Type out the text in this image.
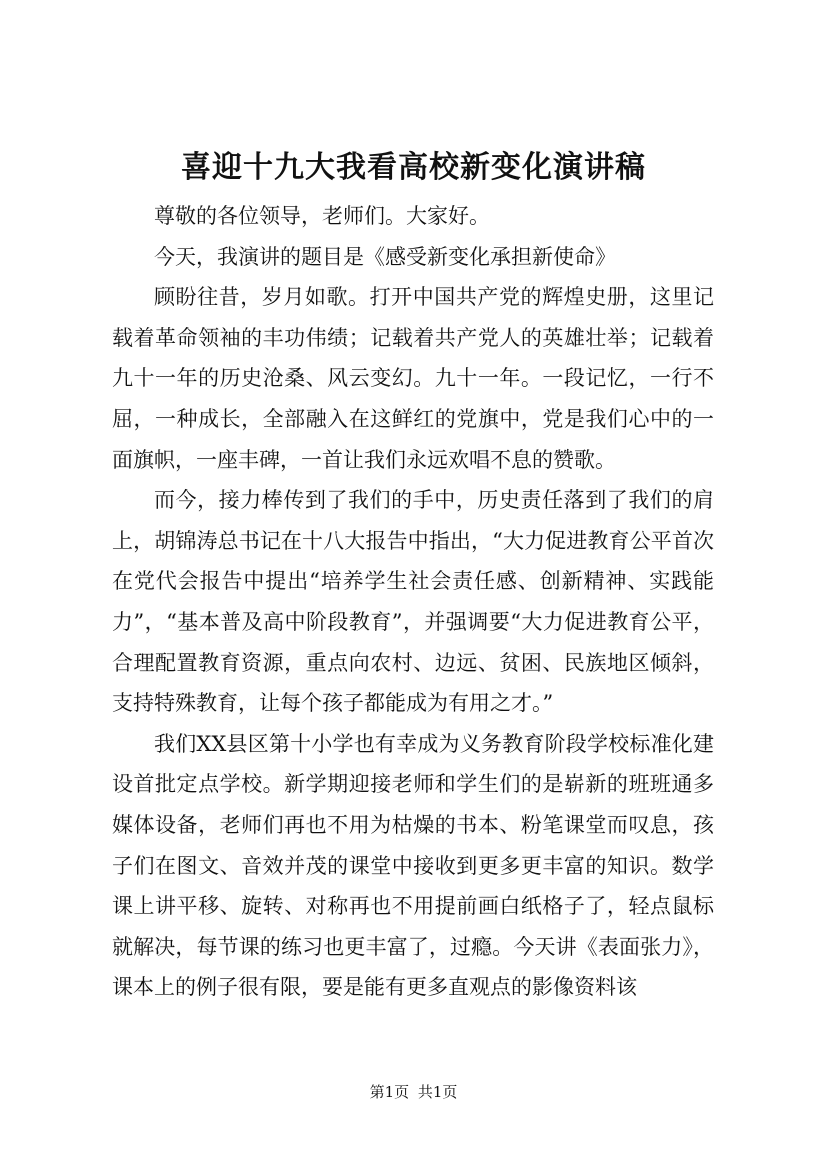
喜迎十九大我看高校新变化演讲稿

尊敬的各位领导，老师们。大家好。

今天，我演讲的题目是《感受新变化承担新使命》

顾盼往昔，岁月如歌。打开中国共产党的辉煌史册，这里记载着革命领袖的丰功伟绩；记载着共产党人的英雄壮举；记载着九十一年的历史沧桑、风云变幻。九十一年。一段记忆，一行不屈，一种成长，全部融入在这鲜红的党旗中，党是我们心中的一面旗帜，一座丰碑，一首让我们永远欢唱不息的赞歌。

而今，接力棒传到了我们的手中，历史责任落到了我们的肩上，胡锦涛总书记在十八大报告中指出，“大力促进教育公平首次在党代会报告中提出“培养学生社会责任感、创新精神、实践能力”，“基本普及高中阶段教育”，并强调要“大力促进教育公平，合理配置教育资源，重点向农村、边远、贫困、民族地区倾斜，支持特殊教育，让每个孩子都能成为有用之才。”

我们XX县区第十小学也有幸成为义务教育阶段学校标准化建设首批定点学校。新学期迎接老师和学生们的是崭新的班班通多媒体设备，老师们再也不用为枯燥的书本、粉笔课堂而叹息，孩子们在图文、音效并茂的课堂中接收到更多更丰富的知识。数学课上讲平移、旋转、对称再也不用提前画白纸格子了，轻点鼠标就解决，每节课的练习也更丰富了，过瘾。今天讲《表面张力》，课本上的例子很有限，要是能有更多直观点的影像资料该

第1页 共1页
